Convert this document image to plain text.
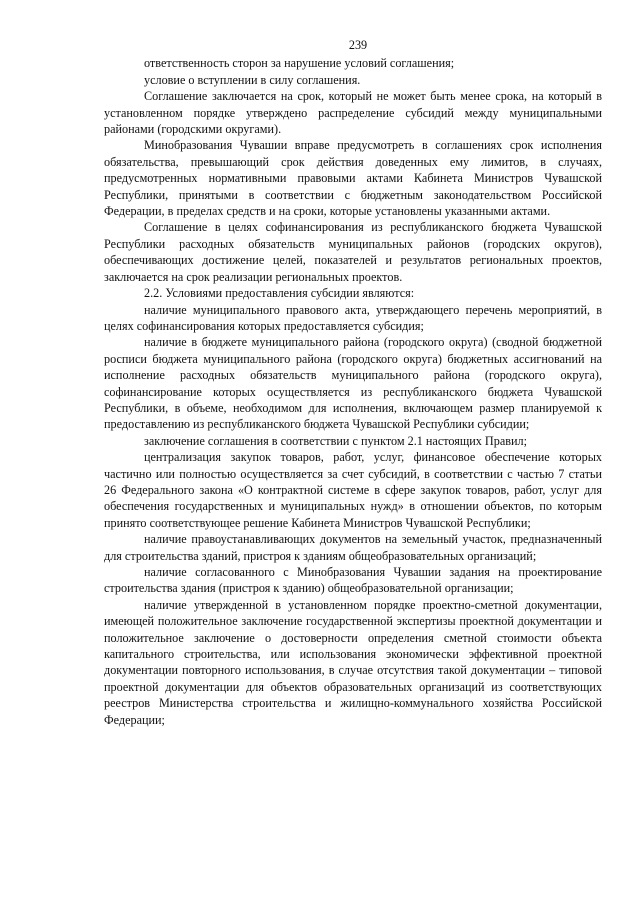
239

ответственность сторон за нарушение условий соглашения;

условие о вступлении в силу соглашения.

Соглашение заключается на срок, который не может быть менее срока, на который в установленном порядке утверждено распределение субсидий между муниципальными районами (городскими округами).

Минобразования Чувашии вправе предусмотреть в соглашениях срок исполнения обязательства, превышающий срок действия доведенных ему лимитов, в случаях, предусмотренных нормативными правовыми актами Кабинета Министров Чувашской Республики, принятыми в соответствии с бюджетным законодательством Российской Федерации, в пределах средств и на сроки, которые установлены указанными актами.

Соглашение в целях софинансирования из республиканского бюджета Чувашской Республики расходных обязательств муниципальных районов (городских округов), обеспечивающих достижение целей, показателей и результатов региональных проектов, заключается на срок реализации региональных проектов.

2.2. Условиями предоставления субсидии являются:

наличие муниципального правового акта, утверждающего перечень мероприятий, в целях софинансирования которых предоставляется субсидия;

наличие в бюджете муниципального района (городского округа) (сводной бюджетной росписи бюджета муниципального района (городского округа) бюджетных ассигнований на исполнение расходных обязательств муниципального района (городского округа), софинансирование которых осуществляется из республиканского бюджета Чувашской Республики, в объеме, необходимом для исполнения, включающем размер планируемой к предоставлению из республиканского бюджета Чувашской Республики субсидии;

заключение соглашения в соответствии с пунктом 2.1 настоящих Правил;

централизация закупок товаров, работ, услуг, финансовое обеспечение которых частично или полностью осуществляется за счет субсидий, в соответствии с частью 7 статьи 26 Федерального закона «О контрактной системе в сфере закупок товаров, работ, услуг для обеспечения государственных и муниципальных нужд» в отношении объектов, по которым принято соответствующее решение Кабинета Министров Чувашской Республики;

наличие правоустанавливающих документов на земельный участок, предназначенный для строительства зданий, пристроя к зданиям общеобразовательных организаций;

наличие согласованного с Минобразования Чувашии задания на проектирование строительства здания (пристроя к зданию) общеобразовательной организации;

наличие утвержденной в установленном порядке проектно-сметной документации, имеющей положительное заключение государственной экспертизы проектной документации и положительное заключение о достоверности определения сметной стоимости объекта капитального строительства, или использования экономически эффективной проектной документации повторного использования, в случае отсутствия такой документации – типовой проектной документации для объектов образовательных организаций из соответствующих реестров Министерства строительства и жилищно-коммунального хозяйства Российской Федерации;
